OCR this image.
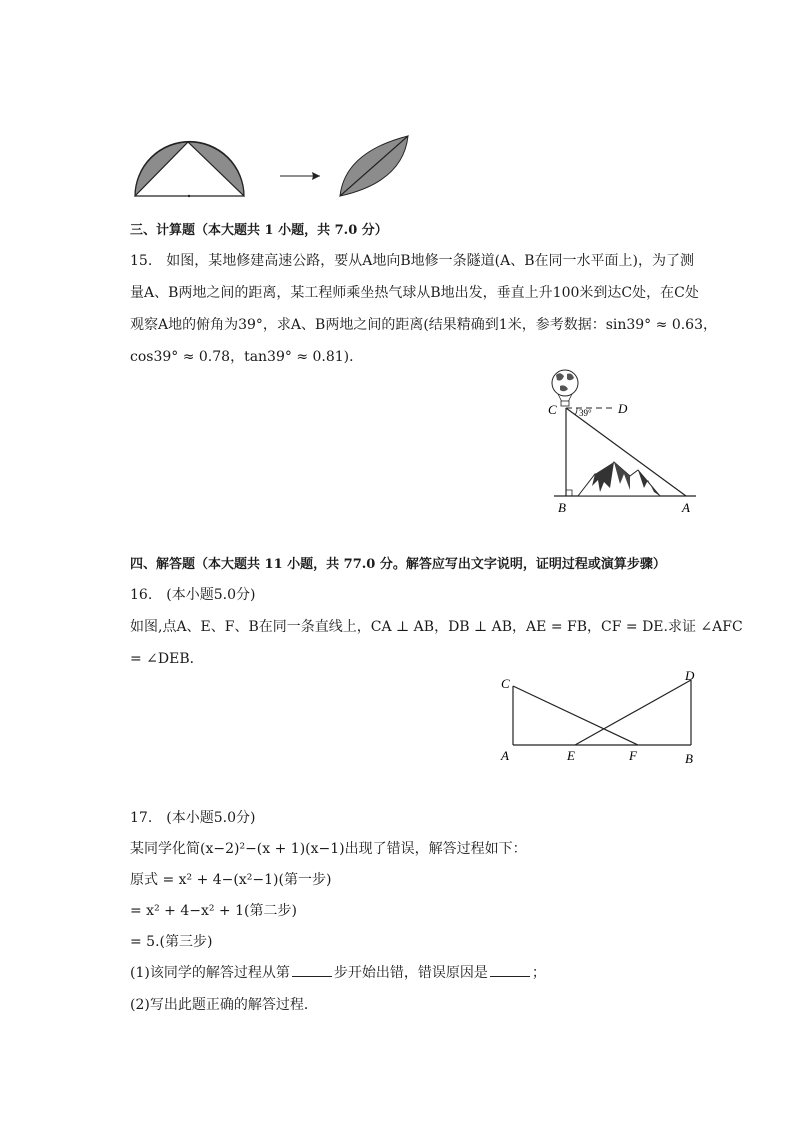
三、计算题（本大题共 1 小题，共 7.0 分）
15. 如图，某地修建高速公路，要从A地向B地修一条隧道(A、B在同一水平面上)，为了测
量A、B两地之间的距离，某工程师乘坐热气球从B地出发，垂直上升100米到达C处，在C处
观察A地的俯角为39°，求A、B两地之间的距离(结果精确到1米，参考数据：sin39° ≈ 0.63，
cos39° ≈ 0.78，tan39° ≈ 0.81)．
C	D
39°
B	A
四、解答题（本大题共 11 小题，共 77.0 分。解答应写出文字说明，证明过程或演算步骤）
16. (本小题5.0分)
如图,点A、E、F、B在同一条直线上，CA ⊥ AB，DB ⊥ AB，AE = FB，CF = DE.求证 ∠AFC
= ∠DEB．
C
D
A	E	F	B
17. (本小题5.0分)
某同学化简(x−2)²−(x + 1)(x−1)出现了错误，解答过程如下：
原式 = x² + 4−(x²−1)(第一步)
= x² + 4−x² + 1(第二步)
= 5.(第三步)
(1)该同学的解答过程从第	步开始出错，错误原因是	；
(2)写出此题正确的解答过程．
